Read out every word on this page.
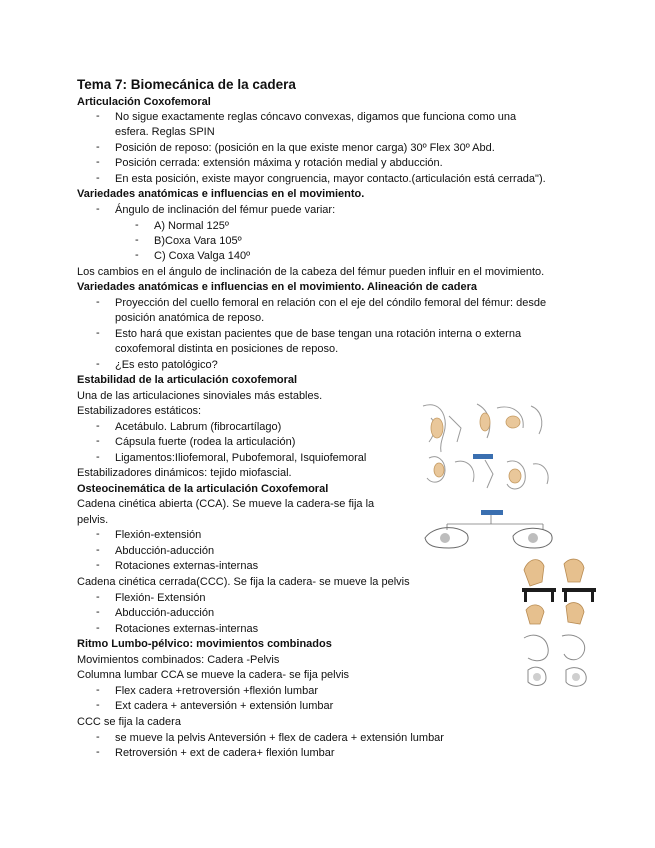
Tema 7: Biomecánica de la cadera
Articulación Coxofemoral
- No sigue exactamente reglas cóncavo convexas, digamos que funciona como una
esfera. Reglas SPIN
- Posición de reposo: (posición en la que existe menor carga) 30º Flex 30º Abd.
- Posición cerrada: extensión máxima y rotación medial y abducción.
- En esta posición, existe mayor congruencia, mayor contacto.(articulación está cerrada").
Variedades anatómicas e influencias en el movimiento.
- Ángulo de inclinación del fémur puede variar:
- A) Normal 125º
- B)Coxa Vara 105º
- C) Coxa Valga 140º
Los cambios en el ángulo de inclinación de la cabeza del fémur pueden influir en el movimiento.
Variedades anatómicas e influencias en el movimiento. Alineación de cadera
- Proyección del cuello femoral en relación con el eje del cóndilo femoral del fémur: desde
posición anatómica de reposo.
- Esto hará que existan pacientes que de base tengan una rotación interna o externa
coxofemoral distinta en posiciones de reposo.
- ¿Es esto patológico?
Estabilidad de la articulación coxofemoral
Una de las articulaciones sinoviales más estables.
Estabilizadores estáticos:
- Acetábulo. Labrum (fibrocartílago)
- Cápsula fuerte (rodea la articulación)
- Ligamentos:Iliofemoral, Pubofemoral, Isquiofemoral
Estabilizadores dinámicos: tejido miofascial.
Osteocinemática de la articulación Coxofemoral
Cadena cinética abierta (CCA). Se mueve la cadera-se fija la
pelvis.
- Flexión-extensión
- Abducción-aducción
- Rotaciones externas-internas
Cadena cinética cerrada(CCC). Se fija la cadera- se mueve la pelvis
- Flexión- Extensión
- Abducción-aducción
- Rotaciones externas-internas
Ritmo Lumbo-pélvico: movimientos combinados
Movimientos combinados: Cadera -Pelvis
Columna lumbar CCA se mueve la cadera- se fija pelvis
- Flex cadera +retroversión +flexión lumbar
- Ext cadera + anteversión + extensión lumbar
CCC se fija la cadera
- se mueve la pelvis Anteversión + flex de cadera + extensión lumbar
- Retroversión + ext de cadera+ flexión lumbar
